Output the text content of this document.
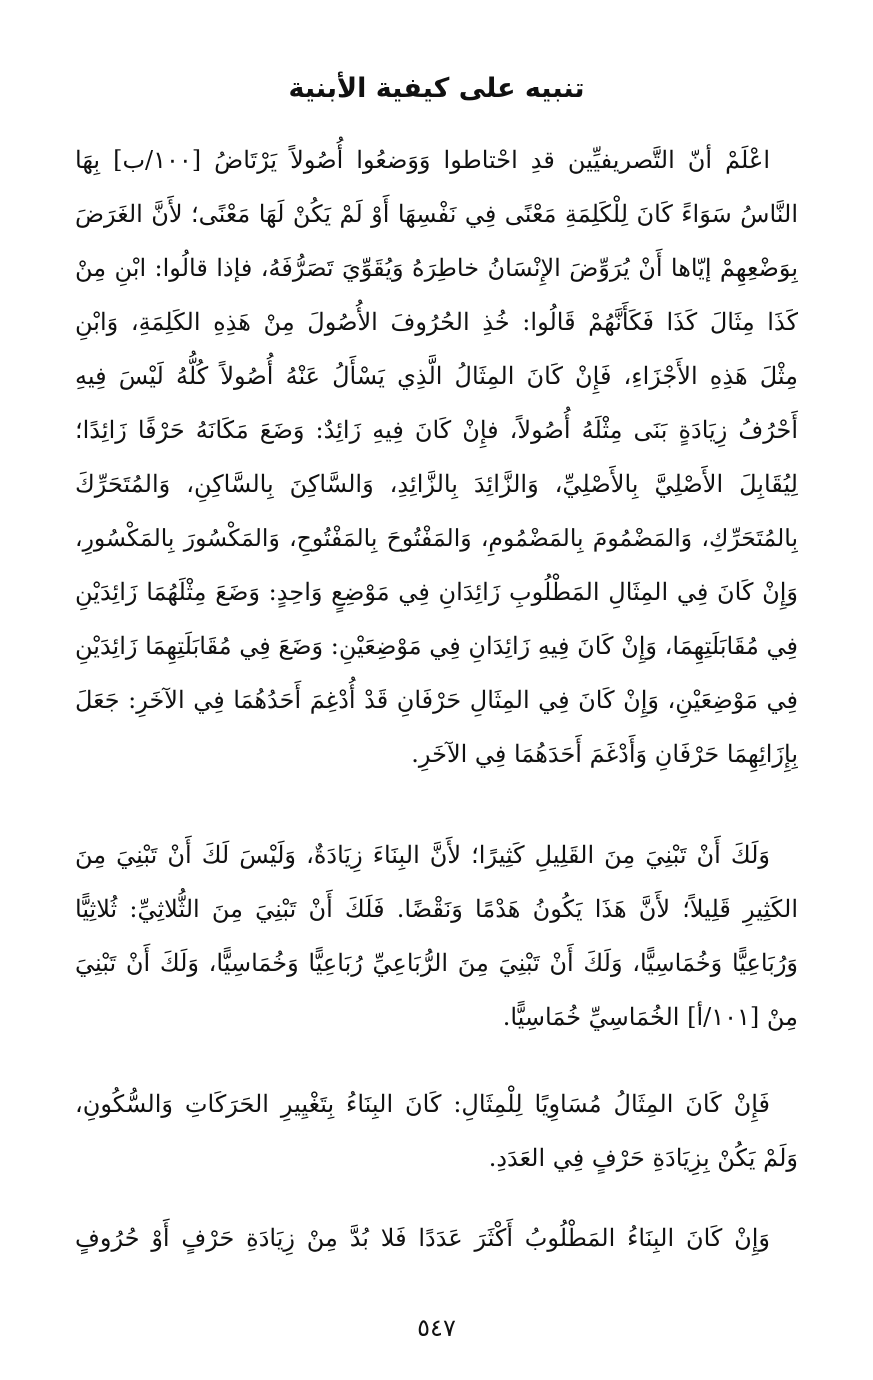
تنبيه على كيفية الأبنية
اعْلَمْ أنّ التَّصريفيِّين قدِ احْتاطوا وَوَضعُوا أُصُولاً يَرْتَاضُ [١٠٠/ب] بِهَا
النَّاسُ سَوَاءً كَانَ لِلْكَلِمَةِ مَعْنًى فِي نَفْسِهَا أَوْ لَمْ يَكُنْ لَهَا مَعْنًى؛ لأَنَّ الغَرَضَ
بِوَضْعِهِمْ إيّاها أَنْ يُرَوِّضَ الإِنْسَانُ خاطِرَهُ وَيُقَوِّيَ تَصَرُّفَهُ، فإذا قالُوا: ابْنِ مِنْ
كَذَا مِثَالَ كَذَا فَكَأَنَّهُمْ قَالُوا: خُذِ الحُرُوفَ الأُصُولَ مِنْ هَذِهِ الكَلِمَةِ، وَابْنِ
مِثْلَ هَذِهِ الأَجْزَاءِ، فَإِنْ كَانَ المِثَالُ الَّذِي يَسْأَلُ عَنْهُ أُصُولاً كُلُّهُ لَيْسَ فِيهِ
أَحْرُفُ زِيَادَةٍ بَنَى مِثْلَهُ أُصُولاً، فإِنْ كَانَ فِيهِ زَائِدٌ: وَضَعَ مَكَانَهُ حَرْفًا زَائِدًا؛
لِيُقَابِلَ الأَصْلِيَّ بِالأَصْلِيِّ، وَالزَّائِدَ بِالزَّائِدِ، وَالسَّاكِنَ بِالسَّاكِنِ، وَالمُتَحَرِّكَ
بِالمُتَحَرِّكِ، وَالمَضْمُومَ بِالمَضْمُومِ، وَالمَفْتُوحَ بِالمَفْتُوحِ، وَالمَكْسُورَ بِالمَكْسُورِ،
وَإِنْ كَانَ فِي المِثَالِ المَطْلُوبِ زَائِدَانِ فِي مَوْضِعٍ وَاحِدٍ: وَضَعَ مِثْلَهُمَا زَائِدَيْنِ
فِي مُقَابَلَتِهِمَا، وَإِنْ كَانَ فِيهِ زَائِدَانِ فِي مَوْضِعَيْنِ: وَضَعَ فِي مُقَابَلَتِهِمَا زَائِدَيْنِ
فِي مَوْضِعَيْنِ، وَإِنْ كَانَ فِي المِثَالِ حَرْفَانِ قَدْ أُدْغِمَ أَحَدُهُمَا فِي الآخَرِ: جَعَلَ
بِإِزَائِهِمَا حَرْفَانِ وَأَدْغَمَ أَحَدَهُمَا فِي الآخَرِ.
وَلَكَ أَنْ تَبْنِيَ مِنَ القَلِيلِ كَثِيرًا؛ لأَنَّ البِنَاءَ زِيَادَةٌ، وَلَيْسَ لَكَ أَنْ تَبْنِيَ مِنَ
الكَثِيرِ قَلِيلاً؛ لأَنَّ هَذَا يَكُونُ هَدْمًا وَنَقْضًا. فَلَكَ أَنْ تَبْنِيَ مِنَ الثُّلاثِيِّ: ثُلاثِيًّا
وَرُبَاعِيًّا وَخُمَاسِيًّا، وَلَكَ أَنْ تَبْنِيَ مِنَ الرُّبَاعِيِّ رُبَاعِيًّا وَخُمَاسِيًّا، وَلَكَ أَنْ تَبْنِيَ
مِنْ [١٠١/أ] الخُمَاسِيِّ خُمَاسِيًّا.
فَإِنْ كَانَ المِثَالُ مُسَاوِيًا لِلْمِثَالِ: كَانَ البِنَاءُ بِتَغْيِيرِ الحَرَكَاتِ وَالسُّكُونِ،
وَلَمْ يَكُنْ بِزِيَادَةِ حَرْفٍ فِي العَدَدِ.
وَإِنْ كَانَ البِنَاءُ المَطْلُوبُ أَكْثَرَ عَدَدًا فَلا بُدَّ مِنْ زِيَادَةِ حَرْفٍ أَوْ حُرُوفٍ
٥٤٧
